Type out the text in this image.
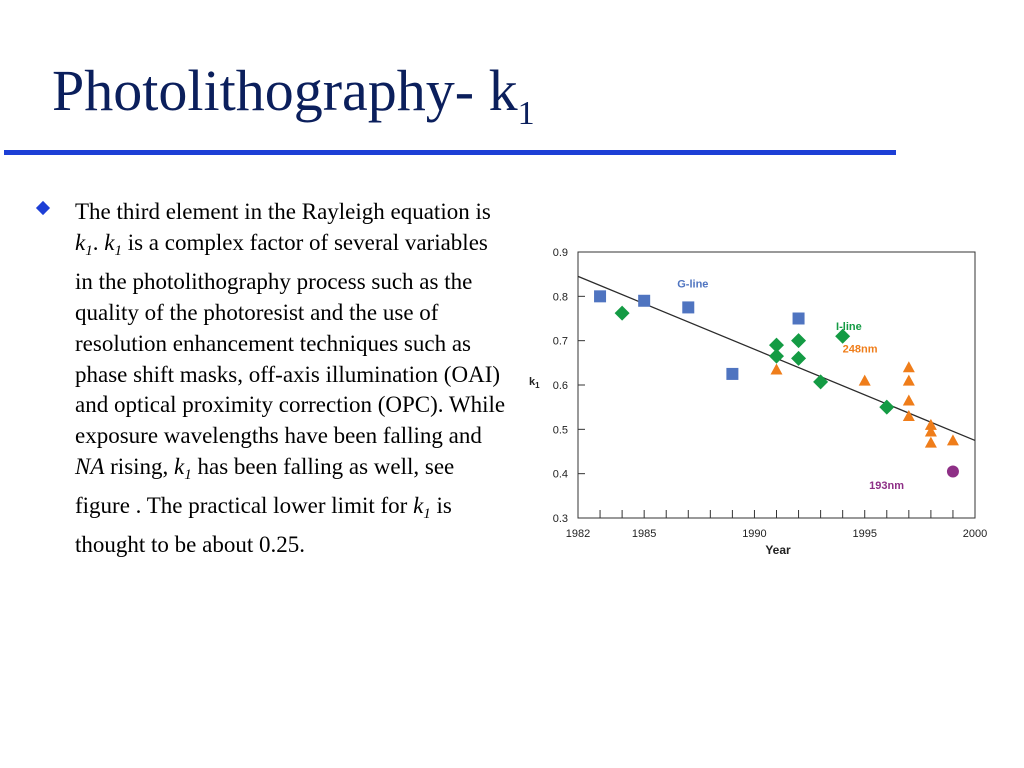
Photolithography- $k_1$

The third element in the Rayleigh equation is $k_1$. $k_1$ is a complex factor of several variables in the photolithography process such as the quality of the photoresist and the use of resolution enhancement techniques such as phase shift masks, off-axis illumination (OAI) and optical proximity correction (OPC). While exposure wavelengths have been falling and NA rising, $k_1$ has been falling as well, see figure . The practical lower limit for $k_1$ is thought to be about 0.25.

0.3
0.4
0.5
0.6
0.7
0.8
0.9
1982	1985	1990	1995	2000
G-line
I-line
248nm
193nm
Year
$k_1$
